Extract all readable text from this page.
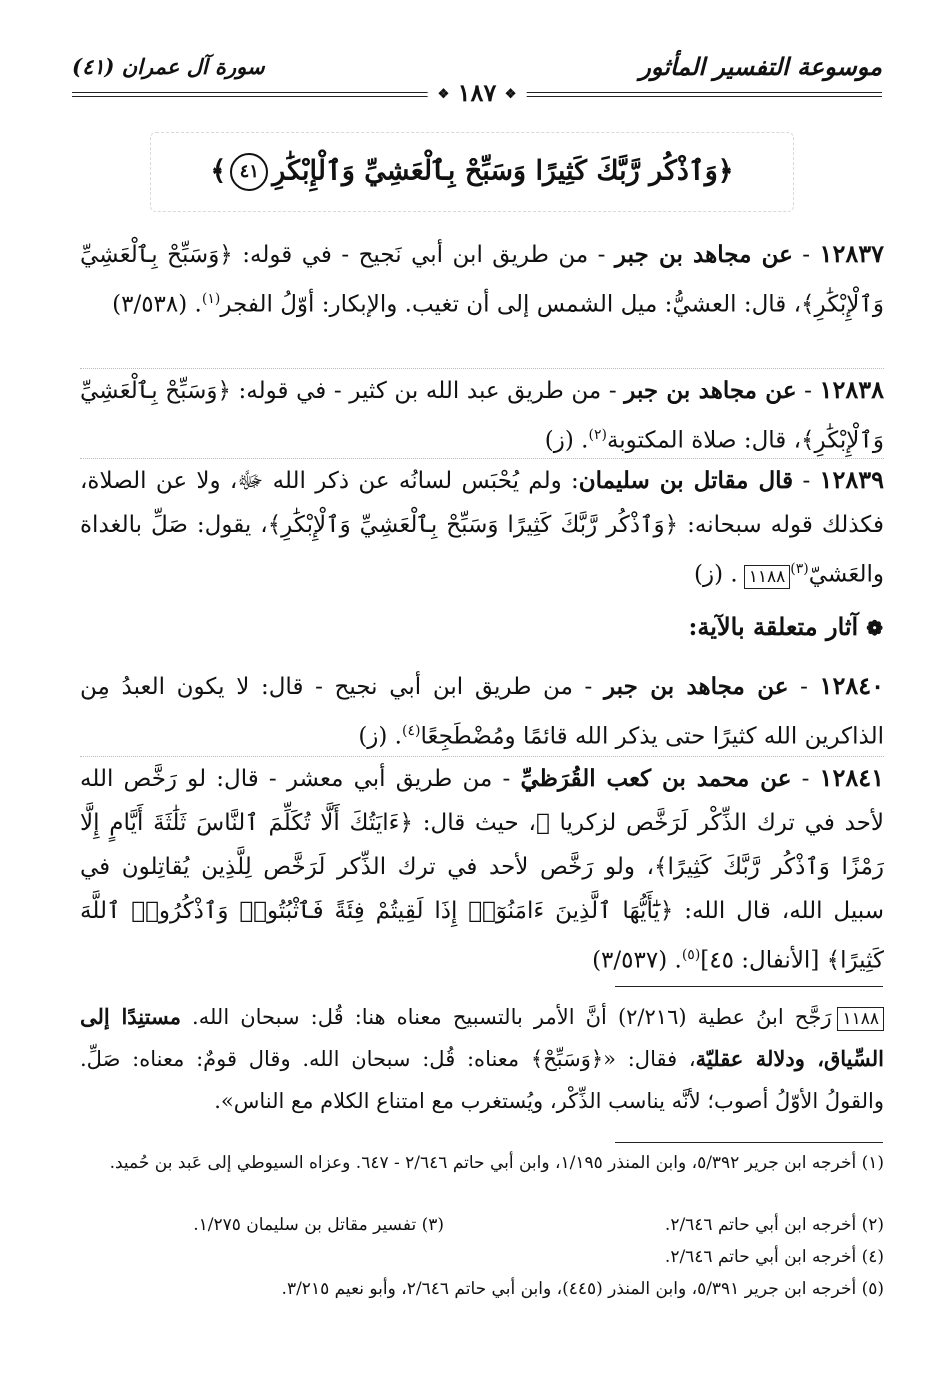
موسوعة التفسير المأثور
سورة آل عمران (٤١)
❖ ١٨٧ ❖
﴿وَٱذْكُر رَّبَّكَ كَثِيرًا وَسَبِّحْ بِٱلْعَشِيِّ وَٱلْإِبْكَٰرِ٤١﴾
١٢٨٣٧ - عن مجاهد بن جبر - من طريق ابن أبي نَجيح - في قوله: ﴿وَسَبِّحْ بِٱلْعَشِيِّ وَٱلْإِبْكَٰرِ﴾، قال: العشيُّ: ميل الشمس إلى أن تغيب. والإبكار: أوّلُ الفجر$^{(١)}$. (٣/٥٣٨)
١٢٨٣٨ - عن مجاهد بن جبر - من طريق عبد الله بن كثير - في قوله: ﴿وَسَبِّحْ بِٱلْعَشِيِّ وَٱلْإِبْكَٰرِ﴾، قال: صلاة المكتوبة$^{(٢)}$. (ز)
١٢٨٣٩ - قال مقاتل بن سليمان: ولم يُحْبَس لسانُه عن ذكر الله ﷻ، ولا عن الصلاة، فكذلك قوله سبحانه: ﴿وَٱذْكُر رَّبَّكَ كَثِيرًا وَسَبِّحْ بِٱلْعَشِيِّ وَٱلْإِبْكَٰرِ﴾، يقول: صَلِّ بالغداة والعَشيّ$^{(٣)}$١١٨٨. (ز)
❁آثار متعلقة بالآية:
١٢٨٤٠ - عن مجاهد بن جبر - من طريق ابن أبي نجيح - قال: لا يكون العبدُ مِن الذاكرين الله كثيرًا حتى يذكر الله قائمًا ومُضْطَجِعًا$^{(٤)}$. (ز)
١٢٨٤١ - عن محمد بن كعب القُرَظيِّ - من طريق أبي معشر - قال: لو رَخَّص الله لأحد في ترك الذِّكْر لَرَخَّص لزكريا ﵇، حيث قال: ﴿ءَايَتُكَ أَلَّا تُكَلِّمَ ٱلنَّاسَ ثَلَٰثَةَ أَيَّامٍ إِلَّا رَمْزًا وَٱذْكُر رَّبَّكَ كَثِيرًا﴾، ولو رَخَّص لأحد في ترك الذِّكر لَرَخَّص لِلَّذِين يُقاتِلون في سبيل الله، قال الله: ﴿يَٰٓأَيُّهَا ٱلَّذِينَ ءَامَنُوٓا۟ إِذَا لَقِيتُمْ فِئَةً فَٱثْبُتُوا۟ وَٱذْكُرُوا۟ ٱللَّهَ كَثِيرًا﴾ [الأنفال: ٤٥]$^{(٥)}$. (٣/٥٣٧)
١١٨٨رَجَّح ابنُ عطية (٢/٢١٦) أنَّ الأمر بالتسبيح معناه هنا: قُل: سبحان الله. مستنِدًا إلى السِّياق، ودلالة عقليّة، فقال: «﴿وَسَبِّحْ﴾ معناه: قُل: سبحان الله. وقال قومٌ: معناه: صَلِّ. والقولُ الأوّلُ أصوب؛ لأنَّه يناسب الذِّكْر، ويُستغرب مع امتناع الكلام مع الناس».
(١) أخرجه ابن جرير ٥/٣٩٢، وابن المنذر ١/١٩٥، وابن أبي حاتم ٢/٦٤٦ - ٦٤٧. وعزاه السيوطي إلى عَبد بن حُميد.
(٢) أخرجه ابن أبي حاتم ٢/٦٤٦.
(٣) تفسير مقاتل بن سليمان ١/٢٧٥.
(٤) أخرجه ابن أبي حاتم ٢/٦٤٦.
(٥) أخرجه ابن جرير ٥/٣٩١، وابن المنذر (٤٤٥)، وابن أبي حاتم ٢/٦٤٦، وأبو نعيم ٣/٢١٥.
